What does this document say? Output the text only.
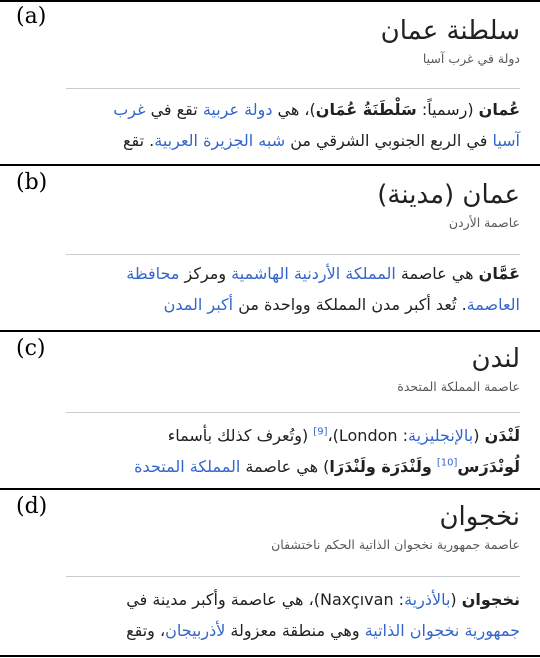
(a)	سلطنة عمان
دولة في غرب آسيا
عُمان (رسمياً: سَلْطَنَةُ عُمَان)، هي دولة عربية تقع في غرب
آسيا في الربع الجنوبي الشرقي من شبه الجزيرة العربية. تقع
(b)	عمان (مدينة)
عاصمة الأردن
عَمَّان هي عاصمة المملكة الأردنية الهاشمية ومركز محافظة
العاصمة. تُعد أكبر مدن المملكة وواحدة من أكبر المدن
(c)	لندن
عاصمة المملكة المتحدة
لَنْدَن (بالإنجليزية: London)،[9] (وتُعرف كذلك بأسماء
لُونْدَرَس[10] ولَنْدَرَة ولَنْدَرَا) هي عاصمة المملكة المتحدة
(d)	نخجوان
عاصمة جمهورية نخجوان الذاتية الحكم ناختشفان
نخجوان (بالأذرية: Naxçıvan)، هي عاصمة وأكبر مدينة في
جمهورية نخجوان الذاتية وهي منطقة معزولة لأذربيجان، وتقع
